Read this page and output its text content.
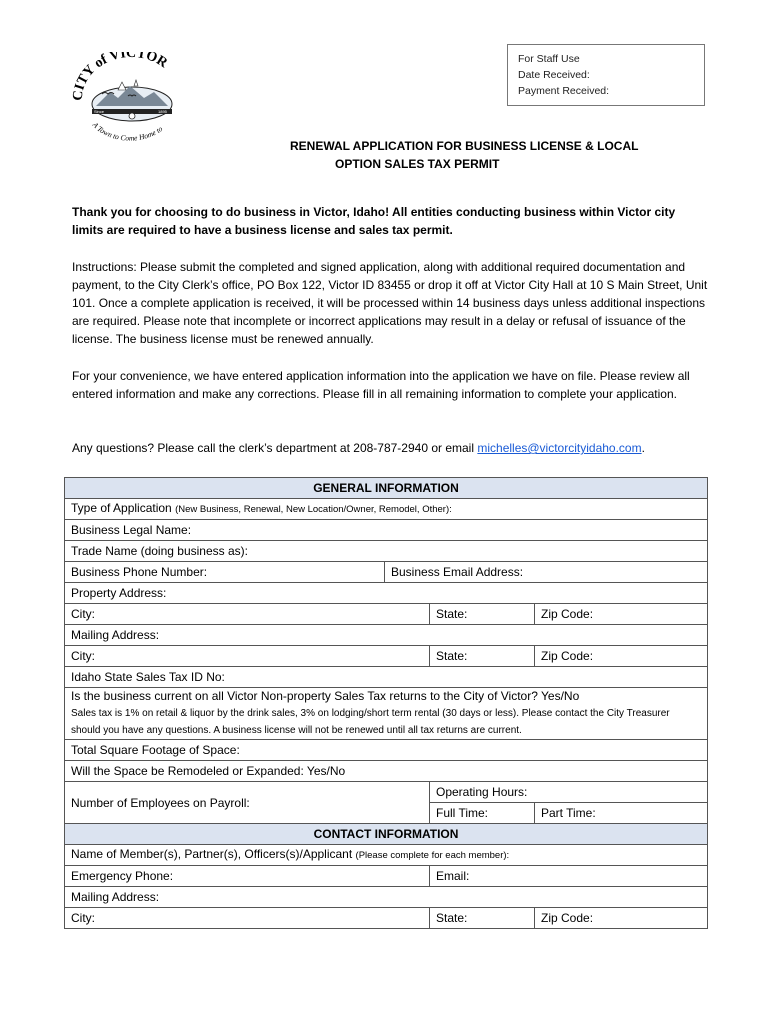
For Staff Use
Date Received:
Payment Received:
CITY of VICTOR
Since	1895
A Town to Come Home to
RENEWAL APPLICATION FOR BUSINESS LICENSE & LOCAL
OPTION SALES TAX PERMIT
Thank you for choosing to do business in Victor, Idaho! All entities conducting business within Victor city limits are required to have a business license and sales tax permit.
Instructions: Please submit the completed and signed application, along with additional required documentation and payment, to the City Clerk’s office, PO Box 122, Victor ID 83455 or drop it off at Victor City Hall at 10 S Main Street, Unit 101. Once a complete application is received, it will be processed within 14 business days unless additional inspections are required. Please note that incomplete or incorrect applications may result in a delay or refusal of issuance of the license. The business license must be renewed annually.
For your convenience, we have entered application information into the application we have on file. Please review all entered information and make any corrections. Please fill in all remaining information to complete your application.
Any questions? Please call the clerk’s department at 208-787-2940 or email michelles@victorcityidaho.com.
GENERAL INFORMATION			
Type of Application (New Business, Renewal, New Location/Owner, Remodel, Other):			
Business Legal Name:			
Trade Name (doing business as):			
Business Phone Number:	Business Email Address:		
Property Address:			
City:		State:	Zip Code:
Mailing Address:			
City:		State:	Zip Code:
Idaho State Sales Tax ID No:			

Is the business current on all Victor Non-property Sales Tax returns to the City of Victor? Yes/No
Sales tax is 1% on retail & liquor by the drink sales, 3% on lodging/short term rental (30 days or less). Please contact the City Treasurer should you have any questions. A business license will not be renewed until all tax returns are current.			

Total Square Footage of Space:			
Will the Space be Remodeled or Expanded: Yes/No			
Number of Employees on Payroll:		Operating Hours:	
		Full Time:	Part Time:
CONTACT INFORMATION			
Name of Member(s), Partner(s), Officers(s)/Applicant (Please complete for each member):			
Emergency Phone:		Email:	
Mailing Address:			
City:		State:	Zip Code:
